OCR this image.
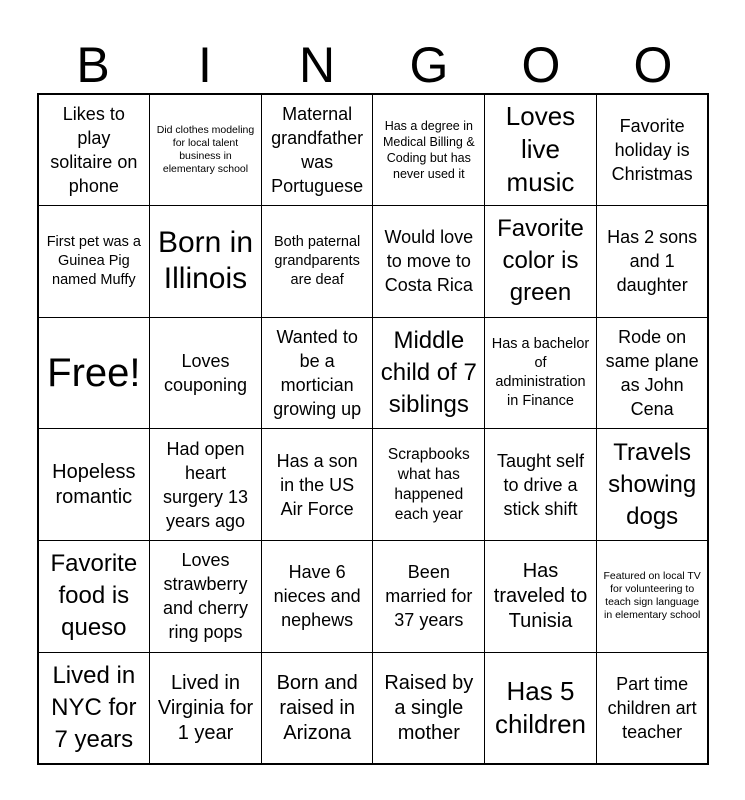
B	I	N	G	O	O
Likes to play solitaire on phone
Did clothes modeling for local talent business in elementary school
Maternal grandfather was Portuguese
Has a degree in Medical Billing & Coding but has never used it
Loves live music
Favorite holiday is Christmas
First pet was a Guinea Pig named Muffy
Born in Illinois
Both paternal grandparents are deaf
Would love to move to Costa Rica
Favorite color is green
Has 2 sons and 1 daughter
Free!	Loves couponing
Wanted to be a mortician growing up
Middle child of 7 siblings
Has a bachelor of administration in Finance
Rode on same plane as John Cena
Hopeless romantic
Had open heart surgery 13 years ago
Has a son in the US Air Force
Scrapbooks what has happened each year
Taught self to drive a stick shift
Travels showing dogs
Favorite food is queso
Loves strawberry and cherry ring pops
Have 6 nieces and nephews
Been married for 37 years
Has traveled to Tunisia
Featured on local TV for volunteering to teach sign language in elementary school
Lived in NYC for 7 years
Lived in Virginia for 1 year
Born and raised in Arizona
Raised by a single mother
Has 5 children
Part time children art teacher
